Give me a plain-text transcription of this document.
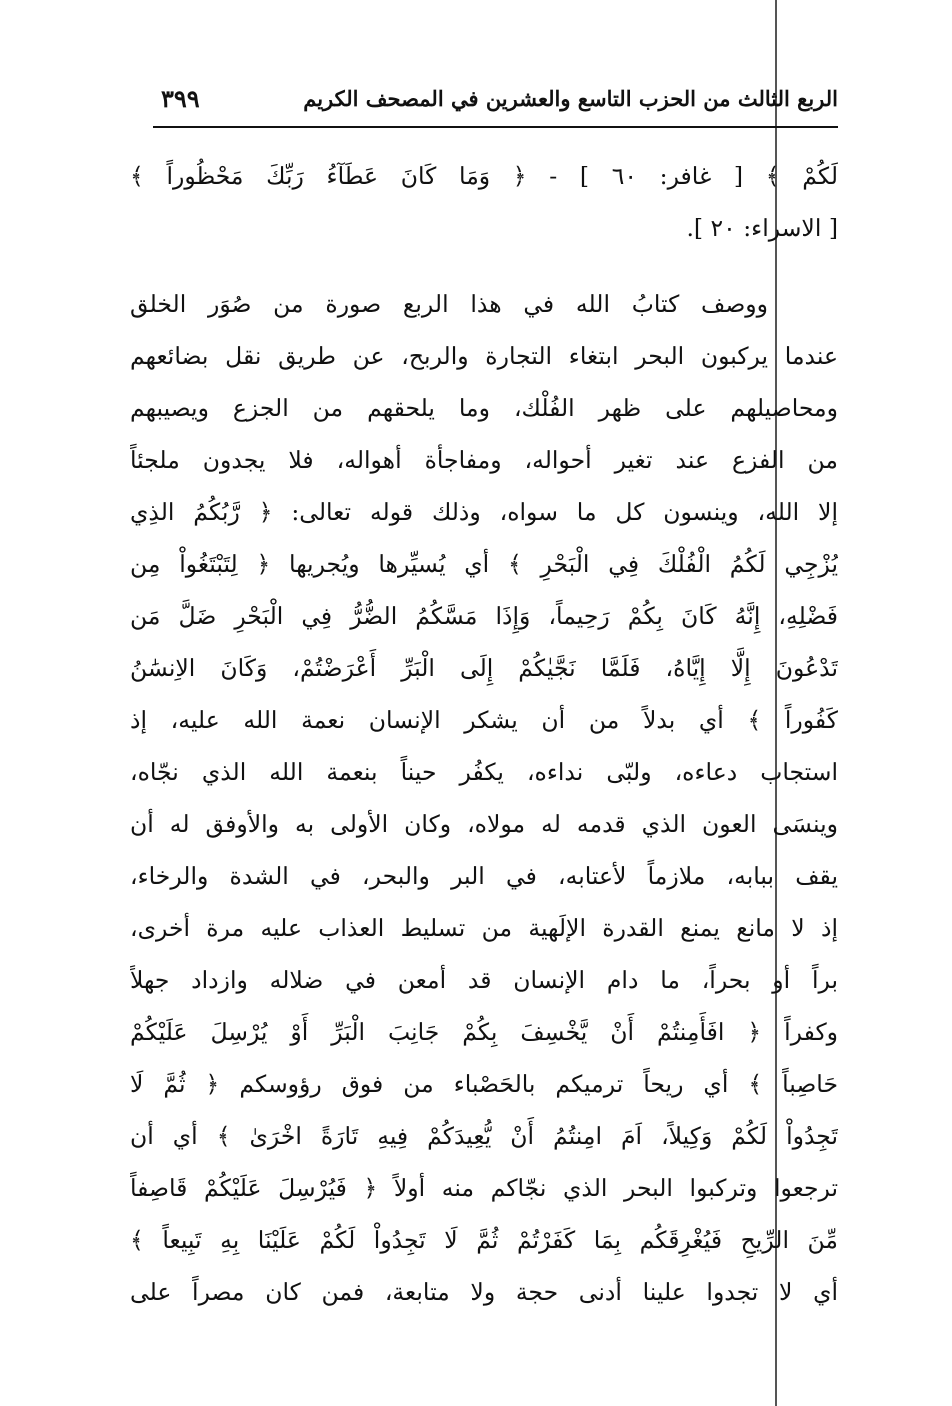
٣٩٩	الربع الثالث من الحزب التاسع والعشرين في المصحف الكريم
لَكُمْ ﴾ [ غافر: ٦٠ ] - ﴿ وَمَا كَانَ عَطَآءُ رَبِّكَ مَحْظُوراً ﴾
[ الاسراء: ٢٠ ].
ووصف كتابُ الله في هذا الربع صورة من صُوَر الخلق
عندما يركبون البحر ابتغاء التجارة والربح، عن طريق نقل بضائعهم
ومحاصيلهم على ظهر الفُلْك، وما يلحقهم من الجزع ويصيبهم
من الفزع عند تغير أحواله، ومفاجأة أهواله، فلا يجدون ملجئاً
إلا الله، وينسون كل ما سواه، وذلك قوله تعالى: ﴿ رَّبُكُمُ الذِي
يُزْجِي لَكُمُ الْفُلْكَ فِي الْبَحْرِ ﴾ أي يُسيِّرها ويُجريها ﴿ لِتَبْتَغُواْ مِن
فَضْلِهِ، إِنَّهُ كَانَ بِكُمْ رَحِيماً، وَإِذَا مَسَّكُمُ الضُّرُّ فِي الْبَحْرِ ضَلَّ مَن
تَدْعُونَ إِلَّا إِيَّاهُ، فَلَمَّا نَجَّيٰكُمْ إِلَى الْبَرِّ أَعْرَضْتُمْ، وَكَانَ الاِنسَٰنُ
كَفُوراً ﴾ أي بدلاً من أن يشكر الإنسان نعمة الله عليه، إذ
استجاب دعاءه، ولبّى نداءه، يكفُر حيناً بنعمة الله الذي نجّاه،
وينسَى العون الذي قدمه له مولاه، وكان الأولى به والأوفق له أن
يقف ببابه، ملازماً لأعتابه، في البر والبحر، في الشدة والرخاء،
إذ لا مانع يمنع القدرة الإلَهية من تسليط العذاب عليه مرة أخرى،
براً أو بحراً، ما دام الإنسان قد أمعن في ضلاله وازداد جهلاً
وكفراً ﴿ افَأَمِنتُمْ أَنْ يَّخْسِفَ بِكُمْ جَانِبَ الْبَرِّ أَوْ يُرْسِلَ عَلَيْكُمْ
حَاصِباً ﴾ أي ريحاً ترميكم بالحَصْباء من فوق رؤوسكم ﴿ ثُمَّ لَا
تَجِدُواْ لَكُمْ وَكِيلاً، اَمَ امِنتُمُ أَنْ يُّعِيدَكُمْ فِيهِ تَارَةً اخْرَىٰ ﴾ أي أن
ترجعوا وتركبوا البحر الذي نجّاكم منه أولاً ﴿ فَيُرْسِلَ عَلَيْكُمْ قَاصِفاً
مِّنَ الرِّيحِ فَيُغْرِقَكُم بِمَا كَفَرْتُمْ ثُمَّ لَا تَجِدُواْ لَكُمْ عَلَيْنَا بِهِ تَبِيعاً ﴾
أي لا تجدوا علينا أدنى حجة ولا متابعة، فمن كان مصراً على
